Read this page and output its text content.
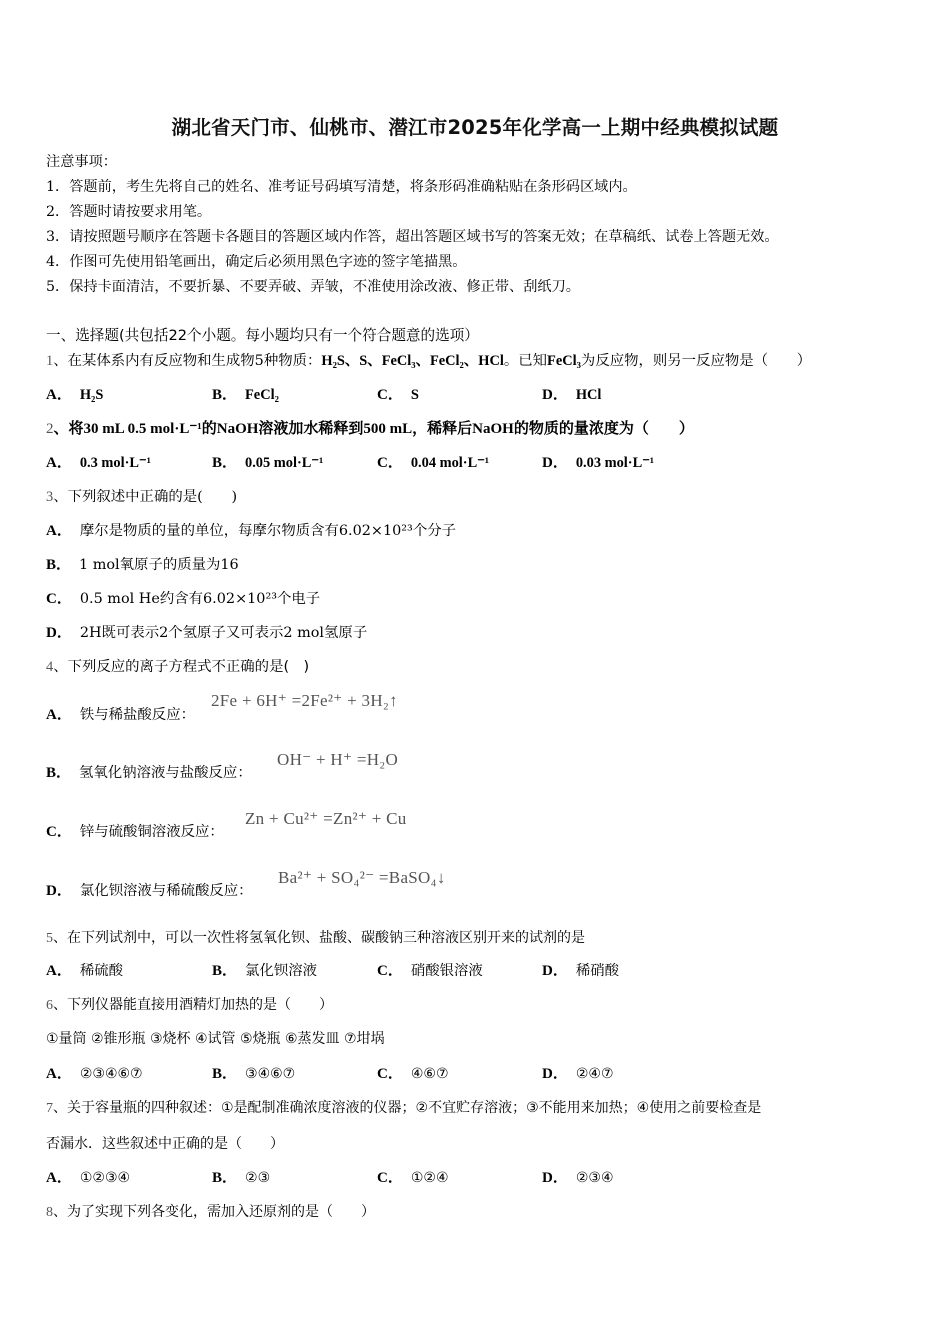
湖北省天门市、仙桃市、潜江市2025年化学高一上期中经典模拟试题
注意事项：
1．答题前，考生先将自己的姓名、准考证号码填写清楚，将条形码准确粘贴在条形码区域内。
2．答题时请按要求用笔。
3．请按照题号顺序在答题卡各题目的答题区域内作答，超出答题区域书写的答案无效；在草稿纸、试卷上答题无效。
4．作图可先使用铅笔画出，确定后必须用黑色字迹的签字笔描黑。
5．保持卡面清洁，不要折暴、不要弄破、弄皱，不准使用涂改液、修正带、刮纸刀。
一、选择题(共包括22个小题。每小题均只有一个符合题意的选项）
1、在某体系内有反应物和生成物5种物质：H₂S、S、FeCl₃、FeCl₂、HCl。已知FeCl₃为反应物，则另一反应物是（　　）
A． H₂S	B． FeCl₂	C． S	D． HCl
2、将30 mL 0.5 mol·L⁻¹的NaOH溶液加水稀释到500 mL，稀释后NaOH的物质的量浓度为（　　）
A． 0.3 mol·L⁻¹	B． 0.05 mol·L⁻¹	C． 0.04 mol·L⁻¹	D． 0.03 mol·L⁻¹
3、下列叙述中正确的是(　　)
A． 摩尔是物质的量的单位，每摩尔物质含有6.02×10²³个分子
B． 1 mol氧原子的质量为16
C． 0.5 mol He约含有6.02×10²³个电子
D． 2H既可表示2个氢原子又可表示2 mol氢原子
4、下列反应的离子方程式不正确的是(　)
A． 铁与稀盐酸反应：
2Fe + 6H⁺ =2Fe²⁺ + 3H₂↑
B． 氢氧化钠溶液与盐酸反应：
OH⁻ + H⁺ =H₂O
C． 锌与硫酸铜溶液反应：
Zn + Cu²⁺ =Zn²⁺ + Cu
D． 氯化钡溶液与稀硫酸反应：
Ba²⁺ + SO₄²⁻ =BaSO₄↓
5、在下列试剂中，可以一次性将氢氧化钡、盐酸、碳酸钠三种溶液区别开来的试剂的是
A． 稀硫酸	B． 氯化钡溶液	C． 硝酸银溶液	D． 稀硝酸
6、下列仪器能直接用酒精灯加热的是（　　）
①量筒 ②锥形瓶 ③烧杯 ④试管 ⑤烧瓶 ⑥蒸发皿 ⑦坩埚
A． ②③④⑥⑦	B． ③④⑥⑦	C． ④⑥⑦	D． ②④⑦
7、关于容量瓶的四种叙述：①是配制准确浓度溶液的仪器；②不宜贮存溶液；③不能用来加热；④使用之前要检查是
否漏水．这些叙述中正确的是（　　）
A． ①②③④	B． ②③	C． ①②④	D． ②③④
8、为了实现下列各变化，需加入还原剂的是（　　）
